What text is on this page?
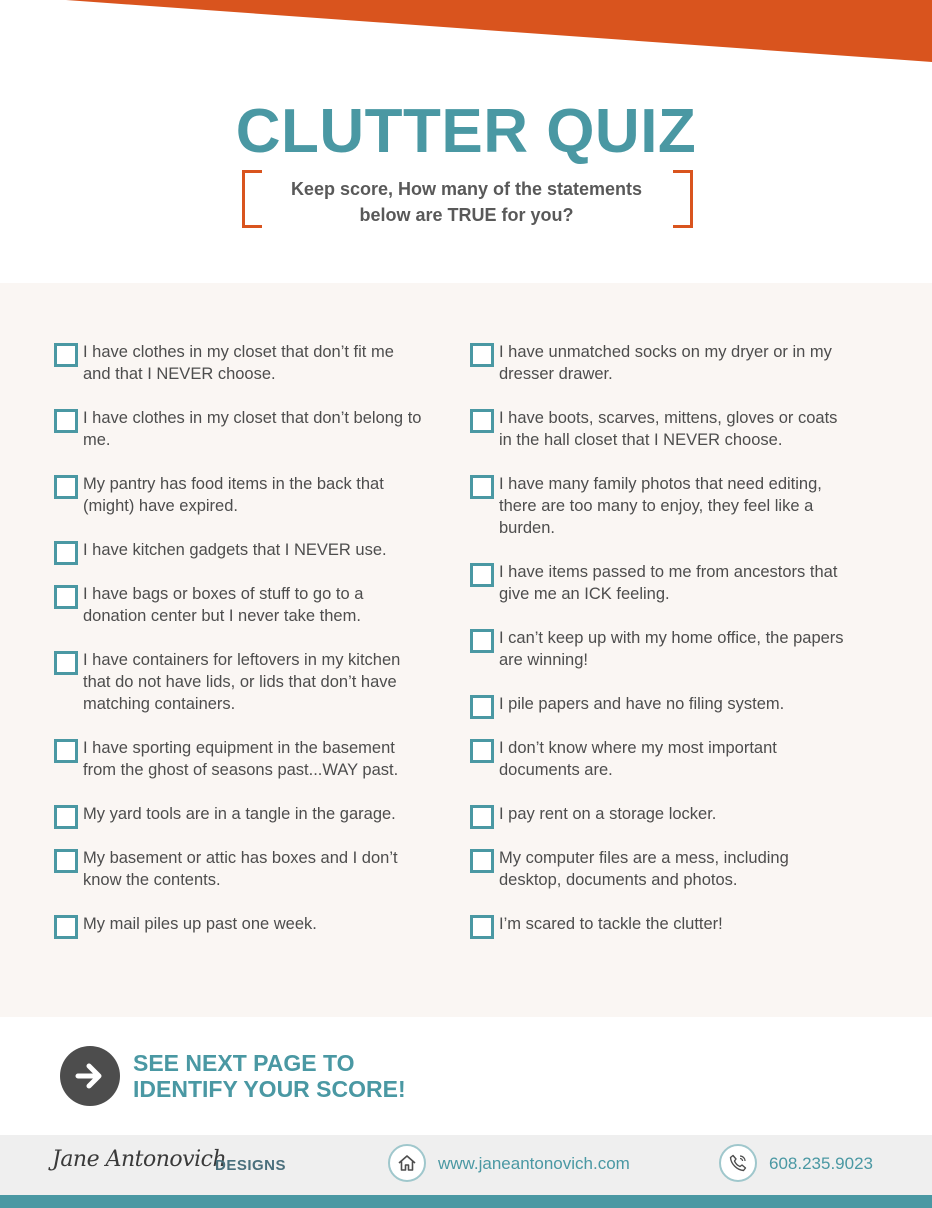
CLUTTER QUIZ
Keep score, How many of the statements
below are TRUE for you?
I have clothes in my closet that don’t fit me
and that I NEVER choose.
I have clothes in my closet that don’t belong to
me.
My pantry has food items in the back that
(might) have expired.
I have kitchen gadgets that I NEVER use.
I have bags or boxes of stuff to go to a
donation center but I never take them.
I have containers for leftovers in my kitchen
that do not have lids, or lids that don’t have
matching containers.
I have sporting equipment in the basement
from the ghost of seasons past...WAY past.
My yard tools are in a tangle in the garage.
My basement or attic has boxes and I don’t
know the contents.
My mail piles up past one week.
I have unmatched socks on my dryer or in my
dresser drawer.
I have boots, scarves, mittens, gloves or coats
in the hall closet that I NEVER choose.
I have many family photos that need editing,
there are too many to enjoy, they feel like a
burden.
I have items passed to me from ancestors that
give me an ICK feeling.
I can’t keep up with my home office, the papers
are winning!
I pile papers and have no filing system.
I don’t know where my most important
documents are.
I pay rent on a storage locker.
My computer files are a mess, including
desktop, documents and photos.
I’m scared to tackle the clutter!
SEE NEXT PAGE TO
IDENTIFY YOUR SCORE!
Jane Antonovich
DESIGNS	www.janeantonovich.com	608.235.9023
